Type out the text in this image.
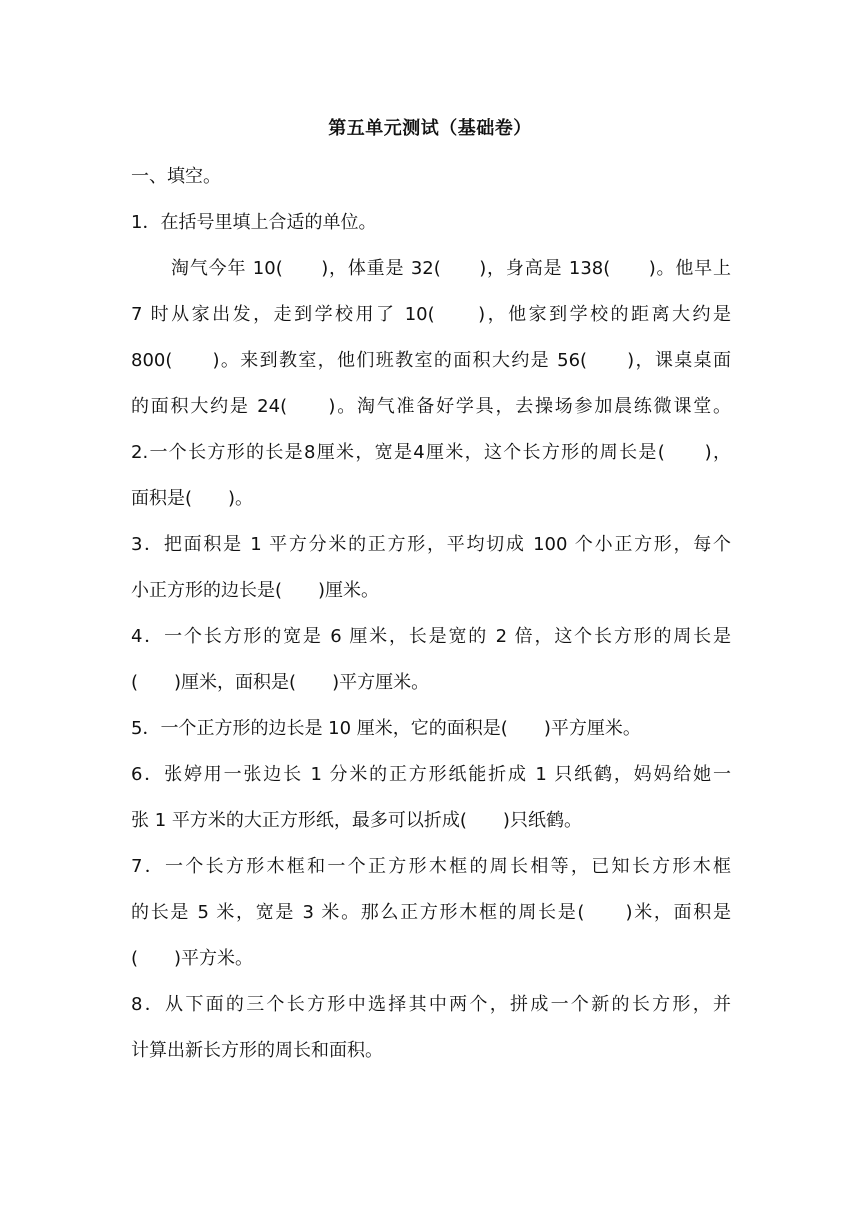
第五单元测试（基础卷）
一、填空。
1．在括号里填上合适的单位。
淘气今年 10(　　)，体重是 32(　　)，身高是 138(　　)。他早上
7 时从家出发，走到学校用了 10(　　)，他家到学校的距离大约是
800(　　)。来到教室，他们班教室的面积大约是 56(　　)，课桌桌面
的面积大约是 24(　　)。淘气准备好学具，去操场参加晨练微课堂。
2.一个长方形的长是8厘米，宽是4厘米，这个长方形的周长是(　　)，
面积是(　　)。
3．把面积是 1 平方分米的正方形，平均切成 100 个小正方形，每个
小正方形的边长是(　　)厘米。
4．一个长方形的宽是 6 厘米，长是宽的 2 倍，这个长方形的周长是
(　　)厘米，面积是(　　)平方厘米。
5．一个正方形的边长是 10 厘米，它的面积是(　　)平方厘米。
6．张婷用一张边长 1 分米的正方形纸能折成 1 只纸鹤，妈妈给她一
张 1 平方米的大正方形纸，最多可以折成(　　)只纸鹤。
7．一个长方形木框和一个正方形木框的周长相等，已知长方形木框
的长是 5 米，宽是 3 米。那么正方形木框的周长是(　　)米，面积是
(　　)平方米。
8．从下面的三个长方形中选择其中两个，拼成一个新的长方形，并
计算出新长方形的周长和面积。
